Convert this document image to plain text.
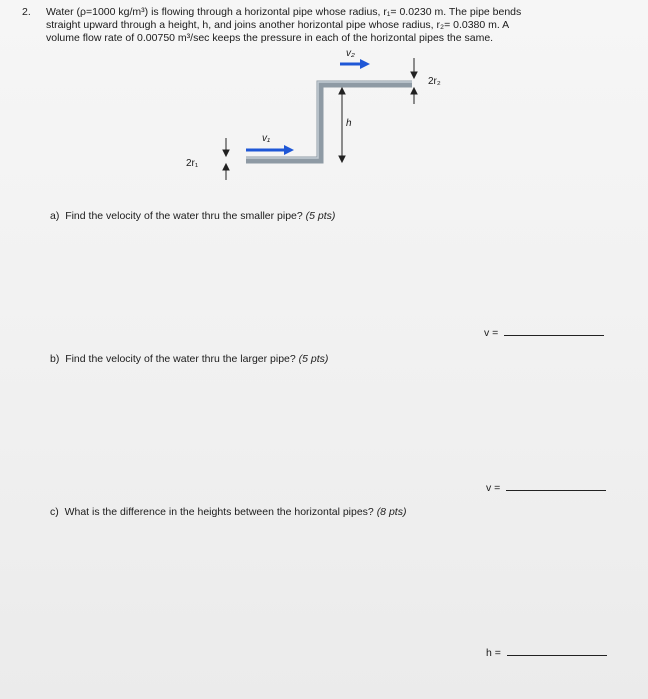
2. Water (ρ=1000 kg/m³) is flowing through a horizontal pipe whose radius, r₁= 0.0230 m. The pipe bends
straight upward through a height, h, and joins another horizontal pipe whose radius, r₂= 0.0380 m. A
volume flow rate of 0.00750 m³/sec keeps the pressure in each of the horizontal pipes the same.
v₂
2r₂
h
v₁
2r₁
a) Find the velocity of the water thru the smaller pipe? (5 pts)
v =
b) Find the velocity of the water thru the larger pipe? (5 pts)
v =
c) What is the difference in the heights between the horizontal pipes? (8 pts)
h =
